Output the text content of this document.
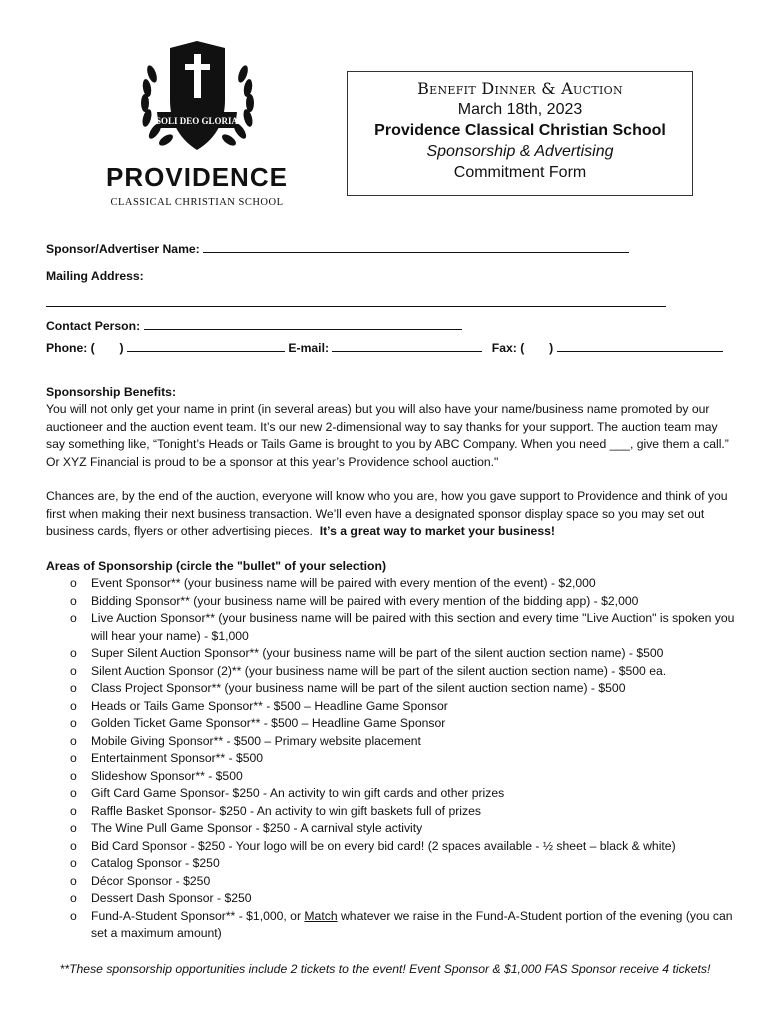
SOLI DEO GLORIA
PROVIDENCE
CLASSICAL CHRISTIAN SCHOOL
Benefit Dinner & Auction
March 18th, 2023
Providence Classical Christian School
Sponsorship & Advertising
Commitment Form
Sponsor/Advertiser Name:
Mailing Address:
Contact Person:
Phone: ( )	E-mail:	Fax: ( )
Sponsorship Benefits:

You will not only get your name in print (in several areas) but you will also have your name/business name promoted by our auctioneer and the auction event team. It’s our new 2-dimensional way to say thanks for your support. The auction team may say something like, “Tonight’s Heads or Tails Game is brought to you by ABC Company. When you need ___, give them a call.” Or XYZ Financial is proud to be a sponsor at this year’s Providence school auction."

Chances are, by the end of the auction, everyone will know who you are, how you gave support to Providence and think of you first when making their next business transaction. We’ll even have a designated sponsor display space so you may set out business cards, flyers or other advertising pieces. It’s a great way to market your business!

Areas of Sponsorship (circle the "bullet" of your selection)
o Event Sponsor** (your business name will be paired with every mention of the event) - $2,000
o Bidding Sponsor** (your business name will be paired with every mention of the bidding app) - $2,000
o Live Auction Sponsor** (your business name will be paired with this section and every time "Live Auction" is spoken you will hear your name) - $1,000
o Super Silent Auction Sponsor** (your business name will be part of the silent auction section name) - $500
o Silent Auction Sponsor (2)** (your business name will be part of the silent auction section name) - $500 ea.
o Class Project Sponsor** (your business name will be part of the silent auction section name) - $500
o Heads or Tails Game Sponsor** - $500 – Headline Game Sponsor
o Golden Ticket Game Sponsor** - $500 – Headline Game Sponsor
o Mobile Giving Sponsor** - $500 – Primary website placement
o Entertainment Sponsor** - $500
o Slideshow Sponsor** - $500
o Gift Card Game Sponsor- $250 - An activity to win gift cards and other prizes
o Raffle Basket Sponsor- $250 - An activity to win gift baskets full of prizes
o The Wine Pull Game Sponsor - $250 - A carnival style activity
o Bid Card Sponsor - $250 - Your logo will be on every bid card! (2 spaces available - ½ sheet – black & white)
o Catalog Sponsor - $250
o Décor Sponsor - $250
o Dessert Dash Sponsor - $250
o Fund-A-Student Sponsor** - $1,000, or Match whatever we raise in the Fund-A-Student portion of the evening (you can set a maximum amount)
**These sponsorship opportunities include 2 tickets to the event! Event Sponsor & $1,000 FAS Sponsor receive 4 tickets!
